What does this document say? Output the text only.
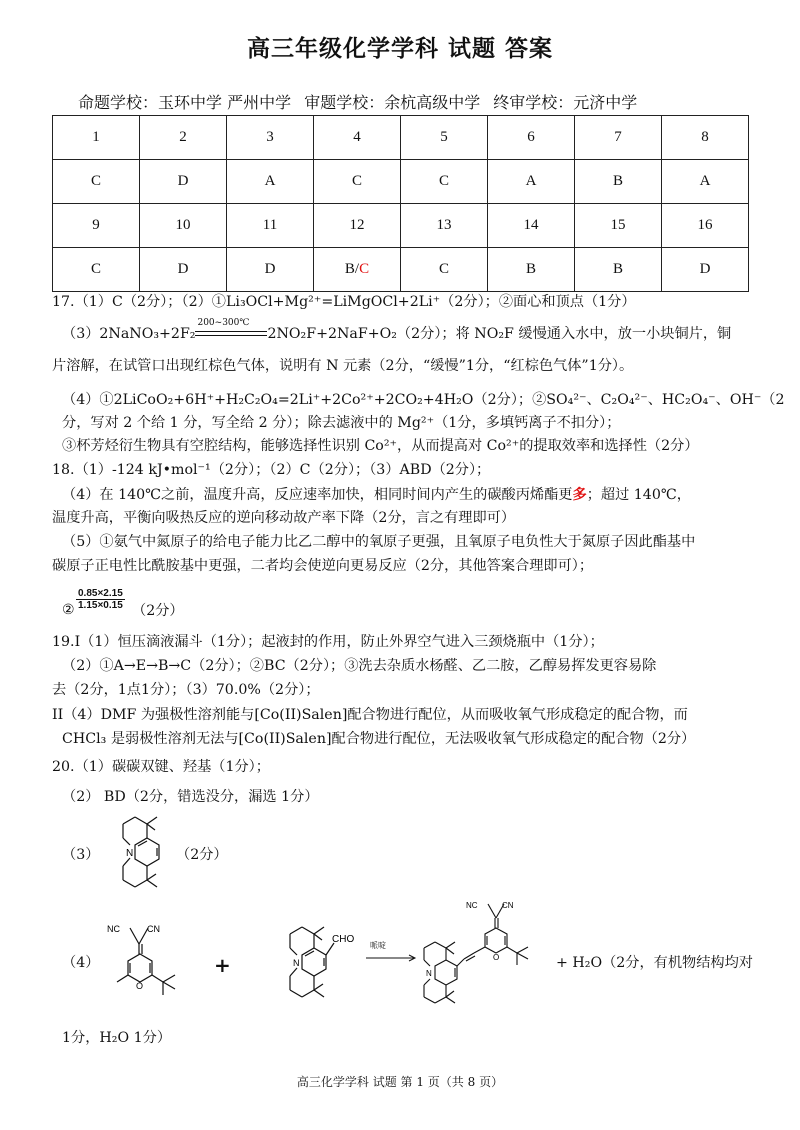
高三年级化学学科 试题 答案
命题学校：玉环中学 严州中学 审题学校：余杭高级中学 终审学校：元济中学
1	2	3	4	5	6	7	8
C	D	A	C	C	A	B	A
9	10	11	12	13	14	15	16
C	D	D	B/C	C	B	B	D
17.（1）C（2分）；（2）①Li₃OCl+Mg²⁺=LiMgOCl+2Li⁺（2分）；②面心和顶点（1分）
（3）2NaNO₃+2F₂
200~300℃
2NO₂F+2NaF+O₂（2分）；将 NO₂F 缓慢通入水中，放一小块铜片，铜
片溶解，在试管口出现红棕色气体，说明有 N 元素（2分，“缓慢”1分，“红棕色气体”1分）。
（4）①2LiCoO₂+6H⁺+H₂C₂O₄=2Li⁺+2Co²⁺+2CO₂+4H₂O（2分）；②SO₄²⁻、C₂O₄²⁻、HC₂O₄⁻、OH⁻（2
分，写对 2 个给 1 分，写全给 2 分）；除去滤液中的 Mg²⁺（1分，多填钙离子不扣分）；
③杯芳烃衍生物具有空腔结构，能够选择性识别 Co²⁺，从而提高对 Co²⁺的提取效率和选择性（2分）
18.（1）-124 kJ•mol⁻¹（2分）；（2）C（2分）；（3）ABD（2分）；
（4）在 140℃之前，温度升高，反应速率加快，相同时间内产生的碳酸丙烯酯更多；超过 140℃，
温度升高，平衡向吸热反应的逆向移动故产率下降（2分，言之有理即可）
（5）①氨气中氮原子的给电子能力比乙二醇中的氧原子更强，且氧原子电负性大于氮原子因此酯基中
碳原子正电性比酰胺基中更强，二者均会使逆向更易反应（2分，其他答案合理即可）；
② $\frac{0.85\times 2.15}{1.15\times 0.15} (2$分）
19.I（1）恒压滴液漏斗（1分）；起液封的作用，防止外界空气进入三颈烧瓶中（1分）；
（2）①A→E→B→C（2分）；②BC（2分）；③洗去杂质水杨醛、乙二胺，乙醇易挥发更容易除
去（2分，1点1分）；（3）70.0%（2分）；
II（4）DMF 为强极性溶剂能与[Co(II)Salen]配合物进行配位，从而吸收氧气形成稳定的配合物，而
CHCl₃ 是弱极性溶剂无法与[Co(II)Salen]配合物进行配位，无法吸收氧气形成稳定的配合物（2分）
20.（1）碳碳双键、羟基（1分）；
（2） BD（2分，错选没分，漏选 1分）
（3）	N	（2分）
（4）
NC	CN
O
+	N
CHO
哌啶
NC	CN
O
N
+ H₂O（2分，有机物结构均对
1分，H₂O 1分）
高三化学学科 试题 第 1 页（共 8 页）
